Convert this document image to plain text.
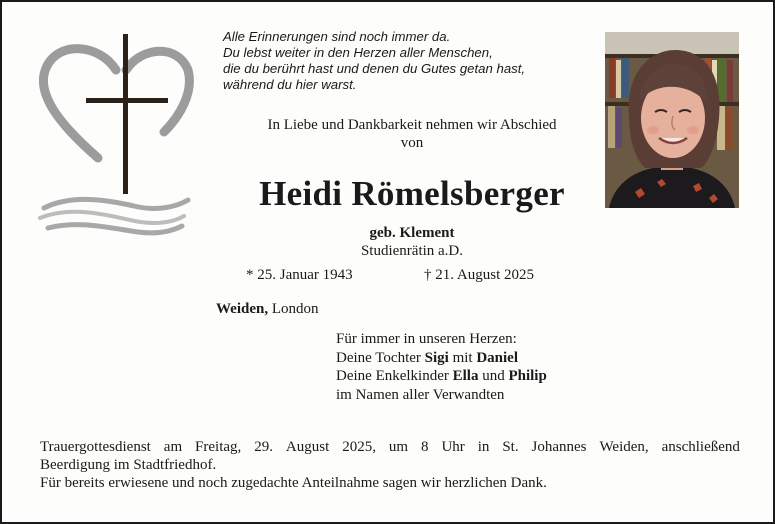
Alle Erinnerungen sind noch immer da.
Du lebst weiter in den Herzen aller Menschen,
die du berührt hast und denen du Gutes getan hast,
während du hier warst.
In Liebe und Dankbarkeit nehmen wir Abschied
von
Heidi Römelsberger
geb. Klement
Studienrätin a.D.
* 25. Januar 1943	† 21. August 2025
Weiden, London
Für immer in unseren Herzen:
Deine Tochter Sigi mit Daniel
Deine Enkelkinder Ella und Philip
im Namen aller Verwandten
Trauergottesdienst am Freitag, 29. August 2025, um 8 Uhr in St. Johannes Weiden, anschließend
Beerdigung im Stadtfriedhof.
Für bereits erwiesene und noch zugedachte Anteilnahme sagen wir herzlichen Dank.
